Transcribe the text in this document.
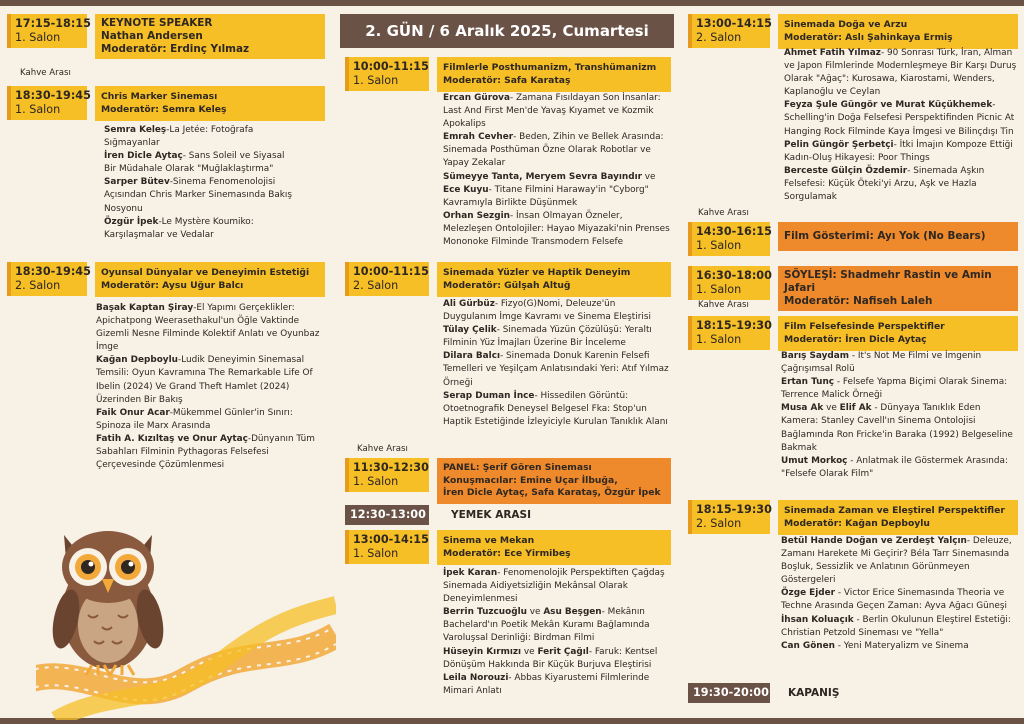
17:15-18:15
1. Salon
KEYNOTE SPEAKER
Nathan Andersen
Moderatör: Erdinç Yılmaz
Kahve Arası
18:30-19:45
1. Salon
Chris Marker Sineması
Moderatör: Semra Keleş

Semra Keleş-La Jetée: Fotoğrafa Sığmayanlar

İren Dicle Aytaç- Sans Soleil ve Siyasal Bir Müdahale Olarak "Muğlaklaştırma"

Sarper Bütev-Sinema Fenomenolojisi Açısından Chris Marker Sinemasında Bakış Nosyonu

Özgür İpek-Le Mystère Koumiko: Karşılaşmalar ve Vedalar

18:30-19:45
2. Salon
Oyunsal Dünyalar ve Deneyimin Estetiği
Moderatör: Aysu Uğur Balcı

Başak Kaptan Şiray-El Yapımı Gerçeklikler: Apichatpong Weerasethakul'un Öğle Vaktinde Gizemli Nesne Filminde Kolektif Anlatı ve Oyunbaz İmge

Kağan Depboylu-Ludik Deneyimin Sinemasal Temsili: Oyun Kavramına The Remarkable Life Of Ibelin (2024) Ve Grand Theft Hamlet (2024) Üzerinden Bir Bakış

Faik Onur Acar-Mükemmel Günler'in Sınırı: Spinoza ile Marx Arasında

Fatih A. Kızıltaş ve Onur Aytaç-Dünyanın Tüm Sabahları Filminin Pythagoras Felsefesi Çerçevesinde Çözümlenmesi

2. GÜN / 6 Aralık 2025, Cumartesi
10:00-11:15
1. Salon
Filmlerle Posthumanizm, Transhümanizm
Moderatör: Safa Karataş

Ercan Gürova- Zamana Fısıldayan Son İnsanlar: Last And First Men'de Yavaş Kıyamet ve Kozmik Apokalips

Emrah Cevher- Beden, Zihin ve Bellek Arasında: Sinemada Posthüman Özne Olarak Robotlar ve Yapay Zekalar

Sümeyye Tanta, Meryem Sevra Bayındır ve

Ece Kuyu- Titane Filmini Haraway'in "Cyborg" Kavramıyla Birlikte Düşünmek

Orhan Sezgin- İnsan Olmayan Özneler, Melezleşen Ontolojiler: Hayao Miyazaki'nin Prenses Mononoke Filminde Transmodern Felsefe

10:00-11:15
2. Salon
Sinemada Yüzler ve Haptik Deneyim
Moderatör: Gülşah Altuğ

Ali Gürbüz- Fizyo(G)Nomi, Deleuze'ün Duygulanım İmge Kavramı ve Sinema Eleştirisi

Tülay Çelik- Sinemada Yüzün Çözülüşü: Yeraltı Filminin Yüz İmajları Üzerine Bir İnceleme

Dilara Balcı- Sinemada Donuk Karenin Felsefi Temelleri ve Yeşilçam Anlatısındaki Yeri: Atıf Yılmaz Örneği

Serap Duman İnce- Hissedilen Görüntü: Otoetnografik Deneysel Belgesel Fka: Stop'un Haptik Estetiğinde İzleyiciyle Kurulan Tanıklık Alanı

Kahve Arası
11:30-12:30
1. Salon
PANEL: Şerif Gören Sineması
Konuşmacılar: Emine Uçar İlbuğa,
İren Dicle Aytaç, Safa Karataş, Özgür İpek
12:30-13:00 YEMEK ARASI
13:00-14:15
1. Salon
Sinema ve Mekan
Moderatör: Ece Yirmibeş

İpek Karan- Fenomenolojik Perspektiften Çağdaş Sinemada Aidiyetsizliğin Mekânsal Olarak Deneyimlenmesi

Berrin Tuzcuoğlu ve Asu Beşgen- Mekânın Bachelard'ın Poetik Mekân Kuramı Bağlamında Varoluşsal Derinliği: Birdman Filmi

Hüseyin Kırmızı ve Ferit Çağıl- Faruk: Kentsel Dönüşüm Hakkında Bir Küçük Burjuva Eleştirisi

Leila Norouzi- Abbas Kiyarustemi Filmlerinde Mimari Anlatı

13:00-14:15
2. Salon
Sinemada Doğa ve Arzu
Moderatör: Aslı Şahinkaya Ermiş

Ahmet Fatih Yılmaz- 90 Sonrası Türk, İran, Alman ve Japon Filmlerinde Modernleşmeye Bir Karşı Duruş Olarak "Ağaç": Kurosawa, Kiarostami, Wenders, Kaplanoğlu ve Ceylan

Feyza Şule Güngör ve Murat Küçükhemek- Schelling'in Doğa Felsefesi Perspektifinden Picnic At Hanging Rock Filminde Kaya İmgesi ve Bilinçdışı Tin

Pelin Güngör Şerbetçi- İtki İmajın Kompoze Ettiği Kadın-Oluş Hikayesi: Poor Things

Berceste Gülçin Özdemir- Sinemada Aşkın Felsefesi: Küçük Öteki'yi Arzu, Aşk ve Hazla Sorgulamak

Kahve Arası
14:30-16:15
1. Salon
Film Gösterimi: Ayı Yok (No Bears)
16:30-18:00
1. Salon
SÖYLEŞİ: Shadmehr Rastin ve Amin Jafari
Moderatör: Nafiseh Laleh
Kahve Arası
18:15-19:30
1. Salon
Film Felsefesinde Perspektifler
Moderatör: İren Dicle Aytaç

Barış Saydam - It's Not Me Filmi ve İmgenin Çağrışımsal Rolü

Ertan Tunç - Felsefe Yapma Biçimi Olarak Sinema: Terrence Malick Örneği

Musa Ak ve Elif Ak - Dünyaya Tanıklık Eden Kamera: Stanley Cavell'ın Sinema Ontolojisi Bağlamında Ron Fricke'in Baraka (1992) Belgeseline Bakmak

Umut Morkoç - Anlatmak ile Göstermek Arasında: "Felsefe Olarak Film"

18:15-19:30
2. Salon
Sinemada Zaman ve Eleştirel Perspektifler
Moderatör: Kağan Depboylu

Betül Hande Doğan ve Zerdeşt Yalçın- Deleuze, Zamanı Harekete Mi Geçirir? Béla Tarr Sinemasında Boşluk, Sessizlik ve Anlatının Görünmeyen Göstergeleri

Özge Ejder - Victor Erice Sinemasında Theoria ve Techne Arasında Geçen Zaman: Ayva Ağacı Güneşi

İhsan Koluaçık - Berlin Okulunun Eleştirel Estetiği: Christian Petzold Sineması ve "Yella"

Can Gönen - Yeni Materyalizm ve Sinema

19:30-20:00 KAPANIŞ
